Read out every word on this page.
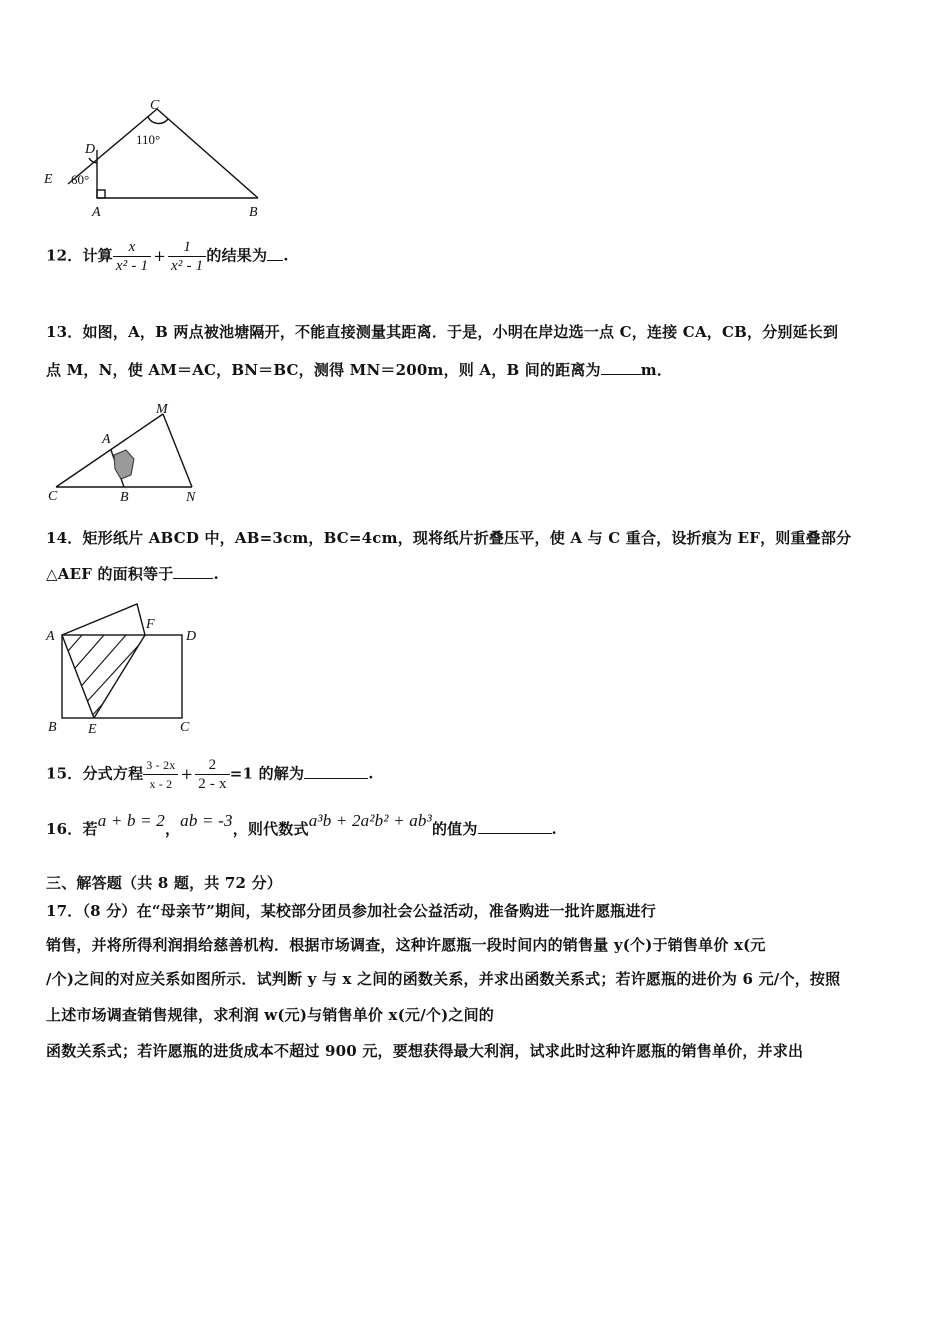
C
D
E
A	B
110°
60°
12．计算 $\frac{x}{\text{x² - 1}} + \frac{1}{\text{x² - 1}}$ 的结果为 .
13．如图，A，B 两点被池塘隔开，不能直接测量其距离．于是，小明在岸边选一点 C，连接 CA，CB，分别延长到
点 M，N，使 AM＝AC，BN＝BC，测得 MN＝200m，则 A，B 间的距离为	m．
M
A
C	B	N
14．矩形纸片 ABCD 中，AB=3cm，BC=4cm，现将纸片折叠压平，使 A 与 C 重合，设折痕为 EF，则重叠部分
△AEF 的面积等于	.
A
F
D
B E	C
15．分式方程 $\frac{3 - 2x}{x - 2} + \frac{2}{2 - x} =1$ 的解为	.
16．若a + b = 2，ab = -3，则代数式a³b + 2a²b² + ab³的值为	.
三、解答题（共 8 题，共 72 分）
17．（8 分）在“母亲节”期间，某校部分团员参加社会公益活动，准备购进一批许愿瓶进行
销售，并将所得利润捐给慈善机构．根据市场调查，这种许愿瓶一段时间内的销售量 y(个)于销售单价 x(元
/个)之间的对应关系如图所示．试判断 y 与 x 之间的函数关系，并求出函数关系式；若许愿瓶的进价为 6 元/个，按照
上述市场调查销售规律，求利润 w(元)与销售单价 x(元/个)之间的
函数关系式；若许愿瓶的进货成本不超过 900 元，要想获得最大利润，试求此时这种许愿瓶的销售单价，并求出
